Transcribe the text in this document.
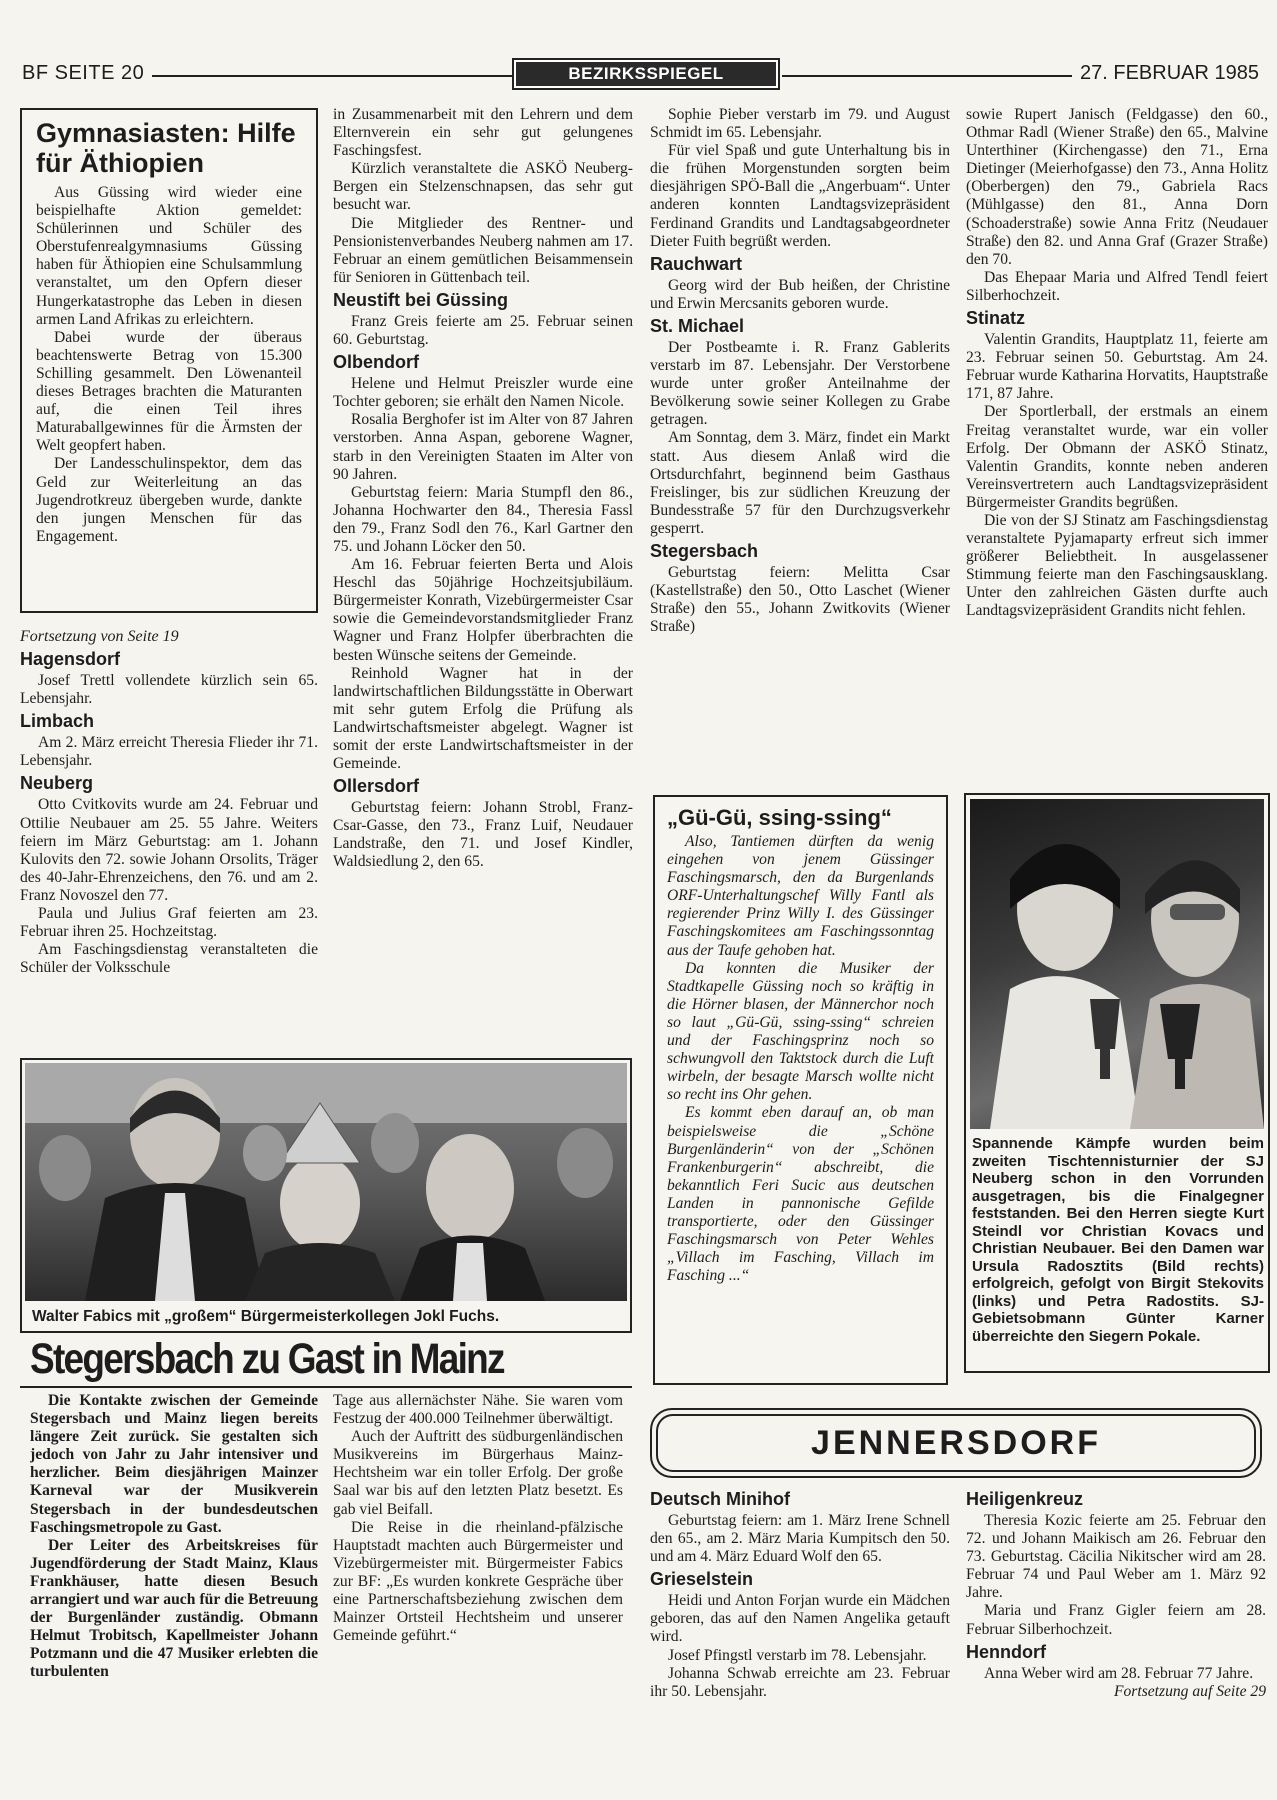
BF SEITE 20	BEZIRKSSPIEGEL	27. FEBRUAR 1985
Gymnasiasten: Hilfe für Äthiopien

Aus Güssing wird wieder eine beispielhafte Aktion gemeldet: Schülerinnen und Schüler des Oberstufenrealgymnasiums Güssing haben für Äthiopien eine Schulsammlung veranstaltet, um den Opfern dieser Hungerkatastrophe das Leben in diesen armen Land Afrikas zu erleichtern.

Dabei wurde der überaus beachtenswerte Betrag von 15.300 Schilling gesammelt. Den Löwenanteil dieses Betrages brachten die Maturanten auf, die einen Teil ihres Maturaballgewinnes für die Ärmsten der Welt geopfert haben.

Der Landesschulinspektor, dem das Geld zur Weiterleitung an das Jugendrotkreuz übergeben wurde, dankte den jungen Menschen für das Engagement.

Fortsetzung von Seite 19

Hagensdorf

Josef Trettl vollendete kürzlich sein 65. Lebensjahr.

Limbach

Am 2. März erreicht Theresia Flieder ihr 71. Lebensjahr.

Neuberg

Otto Cvitkovits wurde am 24. Februar und Ottilie Neubauer am 25. 55 Jahre. Weiters feiern im März Geburtstag: am 1. Johann Kulovits den 72. sowie Johann Orsolits, Träger des 40-Jahr-Ehrenzeichens, den 76. und am 2. Franz Novoszel den 77.

Paula und Julius Graf feierten am 23. Februar ihren 25. Hochzeitstag.

Am Faschingsdienstag veranstalteten die Schüler der Volksschule

in Zusammenarbeit mit den Lehrern und dem Elternverein ein sehr gut gelungenes Faschingsfest.

Kürzlich veranstaltete die ASKÖ Neuberg-Bergen ein Stelzenschnapsen, das sehr gut besucht war.

Die Mitglieder des Rentner- und Pensionistenverbandes Neuberg nahmen am 17. Februar an einem gemütlichen Beisammensein für Senioren in Güttenbach teil.

Neustift bei Güssing

Franz Greis feierte am 25. Februar seinen 60. Geburtstag.

Olbendorf

Helene und Helmut Preiszler wurde eine Tochter geboren; sie erhält den Namen Nicole.

Rosalia Berghofer ist im Alter von 87 Jahren verstorben. Anna Aspan, geborene Wagner, starb in den Vereinigten Staaten im Alter von 90 Jahren.

Geburtstag feiern: Maria Stumpfl den 86., Johanna Hochwarter den 84., Theresia Fassl den 79., Franz Sodl den 76., Karl Gartner den 75. und Johann Löcker den 50.

Am 16. Februar feierten Berta und Alois Heschl das 50jährige Hochzeitsjubiläum. Bürgermeister Konrath, Vizebürgermeister Csar sowie die Gemeindevorstandsmitglieder Franz Wagner und Franz Holpfer überbrachten die besten Wünsche seitens der Gemeinde.

Reinhold Wagner hat in der landwirtschaftlichen Bildungsstätte in Oberwart mit sehr gutem Erfolg die Prüfung als Landwirtschaftsmeister abgelegt. Wagner ist somit der erste Landwirtschaftsmeister in der Gemeinde.

Ollersdorf

Geburtstag feiern: Johann Strobl, Franz-Csar-Gasse, den 73., Franz Luif, Neudauer Landstraße, den 71. und Josef Kindler, Waldsiedlung 2, den 65.

Sophie Pieber verstarb im 79. und August Schmidt im 65. Lebensjahr.

Für viel Spaß und gute Unterhaltung bis in die frühen Morgenstunden sorgten beim diesjährigen SPÖ-Ball die „Angerbuam“. Unter anderen konnten Landtagsvizepräsident Ferdinand Grandits und Landtagsabgeordneter Dieter Fuith begrüßt werden.

Rauchwart

Georg wird der Bub heißen, der Christine und Erwin Mercsanits geboren wurde.

St. Michael

Der Postbeamte i. R. Franz Gablerits verstarb im 87. Lebensjahr. Der Verstorbene wurde unter großer Anteilnahme der Bevölkerung sowie seiner Kollegen zu Grabe getragen.

Am Sonntag, dem 3. März, findet ein Markt statt. Aus diesem Anlaß wird die Ortsdurchfahrt, beginnend beim Gasthaus Freislinger, bis zur südlichen Kreuzung der Bundesstraße 57 für den Durchzugsverkehr gesperrt.

Stegersbach

Geburtstag feiern: Melitta Csar (Kastellstraße) den 50., Otto Laschet (Wiener Straße) den 55., Johann Zwitkovits (Wiener Straße)

sowie Rupert Janisch (Feldgasse) den 60., Othmar Radl (Wiener Straße) den 65., Malvine Unterthiner (Kirchengasse) den 71., Erna Dietinger (Meierhofgasse) den 73., Anna Holitz (Oberbergen) den 79., Gabriela Racs (Mühlgasse) den 81., Anna Dorn (Schoaderstraße) sowie Anna Fritz (Neudauer Straße) den 82. und Anna Graf (Grazer Straße) den 70.

Das Ehepaar Maria und Alfred Tendl feiert Silberhochzeit.

Stinatz

Valentin Grandits, Hauptplatz 11, feierte am 23. Februar seinen 50. Geburtstag. Am 24. Februar wurde Katharina Horvatits, Hauptstraße 171, 87 Jahre.

Der Sportlerball, der erstmals an einem Freitag veranstaltet wurde, war ein voller Erfolg. Der Obmann der ASKÖ Stinatz, Valentin Grandits, konnte neben anderen Vereinsvertretern auch Landtagsvizepräsident Bürgermeister Grandits begrüßen.

Die von der SJ Stinatz am Faschingsdienstag veranstaltete Pyjamaparty erfreut sich immer größerer Beliebtheit. In ausgelassener Stimmung feierte man den Faschingsausklang. Unter den zahlreichen Gästen durfte auch Landtagsvizepräsident Grandits nicht fehlen.

„Gü-Gü, ssing-ssing“

Also, Tantiemen dürften da wenig eingehen von jenem Güssinger Faschingsmarsch, den da Burgenlands ORF-Unterhaltungschef Willy Fantl als regierender Prinz Willy I. des Güssinger Faschingskomitees am Faschingssonntag aus der Taufe gehoben hat.

Da konnten die Musiker der Stadtkapelle Güssing noch so kräftig in die Hörner blasen, der Männerchor noch so laut „Gü-Gü, ssing-ssing“ schreien und der Faschingsprinz noch so schwungvoll den Taktstock durch die Luft wirbeln, der besagte Marsch wollte nicht so recht ins Ohr gehen.

Es kommt eben darauf an, ob man beispielsweise die „Schöne Burgenländerin“ von der „Schönen Frankenburgerin“ abschreibt, die bekanntlich Feri Sucic aus deutschen Landen in pannonische Gefilde transportierte, oder den Güssinger Faschingsmarsch von Peter Wehles „Villach im Fasching, Villach im Fasching ...“

Spannende Kämpfe wurden beim zweiten Tischtennisturnier der SJ Neuberg schon in den Vorrunden ausgetragen, bis die Finalgegner feststanden. Bei den Herren siegte Kurt Steindl vor Christian Kovacs und Christian Neubauer. Bei den Damen war Ursula Radosztits (Bild rechts) erfolgreich, gefolgt von Birgit Stekovits (links) und Petra Radostits. SJ-Gebietsobmann Günter Karner überreichte den Siegern Pokale.
Walter Fabics mit „großem“ Bürgermeisterkollegen Jokl Fuchs.
Stegersbach zu Gast in Mainz

Die Kontakte zwischen der Gemeinde Stegersbach und Mainz liegen bereits längere Zeit zurück. Sie gestalten sich jedoch von Jahr zu Jahr intensiver und herzlicher. Beim diesjährigen Mainzer Karneval war der Musikverein Stegersbach in der bundesdeutschen Faschingsmetropole zu Gast.

Der Leiter des Arbeitskreises für Jugendförderung der Stadt Mainz, Klaus Frankhäuser, hatte diesen Besuch arrangiert und war auch für die Betreuung der Burgenländer zuständig. Obmann Helmut Trobitsch, Kapellmeister Johann Potzmann und die 47 Musiker erlebten die turbulenten

Tage aus allernächster Nähe. Sie waren vom Festzug der 400.000 Teilnehmer überwältigt.

Auch der Auftritt des südburgenländischen Musikvereins im Bürgerhaus Mainz-Hechtsheim war ein toller Erfolg. Der große Saal war bis auf den letzten Platz besetzt. Es gab viel Beifall.

Die Reise in die rheinland-pfälzische Hauptstadt machten auch Bürgermeister und Vizebürgermeister mit. Bürgermeister Fabics zur BF: „Es wurden konkrete Gespräche über eine Partnerschaftsbeziehung zwischen dem Mainzer Ortsteil Hechtsheim und unserer Gemeinde geführt.“

JENNERSDORF
Deutsch Minihof

Geburtstag feiern: am 1. März Irene Schnell den 65., am 2. März Maria Kumpitsch den 50. und am 4. März Eduard Wolf den 65.

Grieselstein

Heidi und Anton Forjan wurde ein Mädchen geboren, das auf den Namen Angelika getauft wird.

Josef Pfingstl verstarb im 78. Lebensjahr.

Johanna Schwab erreichte am 23. Februar ihr 50. Lebensjahr.

Heiligenkreuz

Theresia Kozic feierte am 25. Februar den 72. und Johann Maikisch am 26. Februar den 73. Geburtstag. Cäcilia Nikitscher wird am 28. Februar 74 und Paul Weber am 1. März 92 Jahre.

Maria und Franz Gigler feiern am 28. Februar Silberhochzeit.

Henndorf

Anna Weber wird am 28. Februar 77 Jahre.

Fortsetzung auf Seite 29
